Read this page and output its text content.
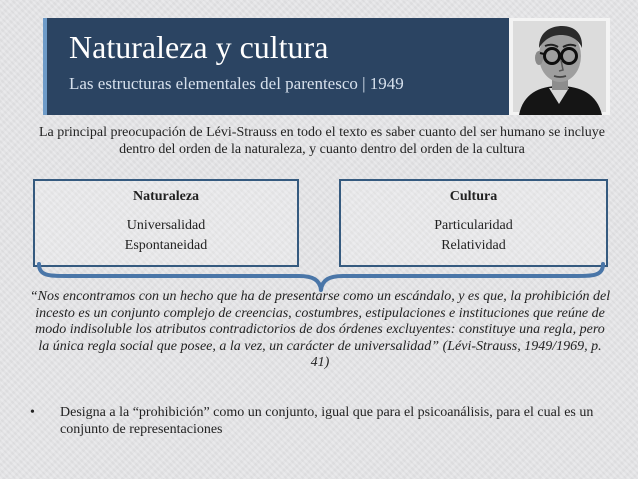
Naturaleza y cultura

Las estructuras elementales del parentesco | 1949

La principal preocupación de Lévi-Strauss en todo el texto es saber cuanto del ser humano se incluye dentro del orden de la naturaleza, y cuanto dentro del orden de la cultura

Naturaleza
Universalidad
Espontaneidad
Cultura
Particularidad
Relatividad

“Nos encontramos con un hecho que ha de presentarse como un escándalo, y es que, la prohibición del incesto es un conjunto complejo de creencias, costumbres, estipulaciones e instituciones que reúne de modo indisoluble los atributos contradictorios de dos órdenes excluyentes: constituye una regla, pero la única regla social que posee, a la vez, un carácter de universalidad” (Lévi-Strauss, 1949/1969, p. 41)

• Designa a la “prohibición” como un conjunto, igual que para el psicoanálisis, para el cual es un conjunto de representaciones
